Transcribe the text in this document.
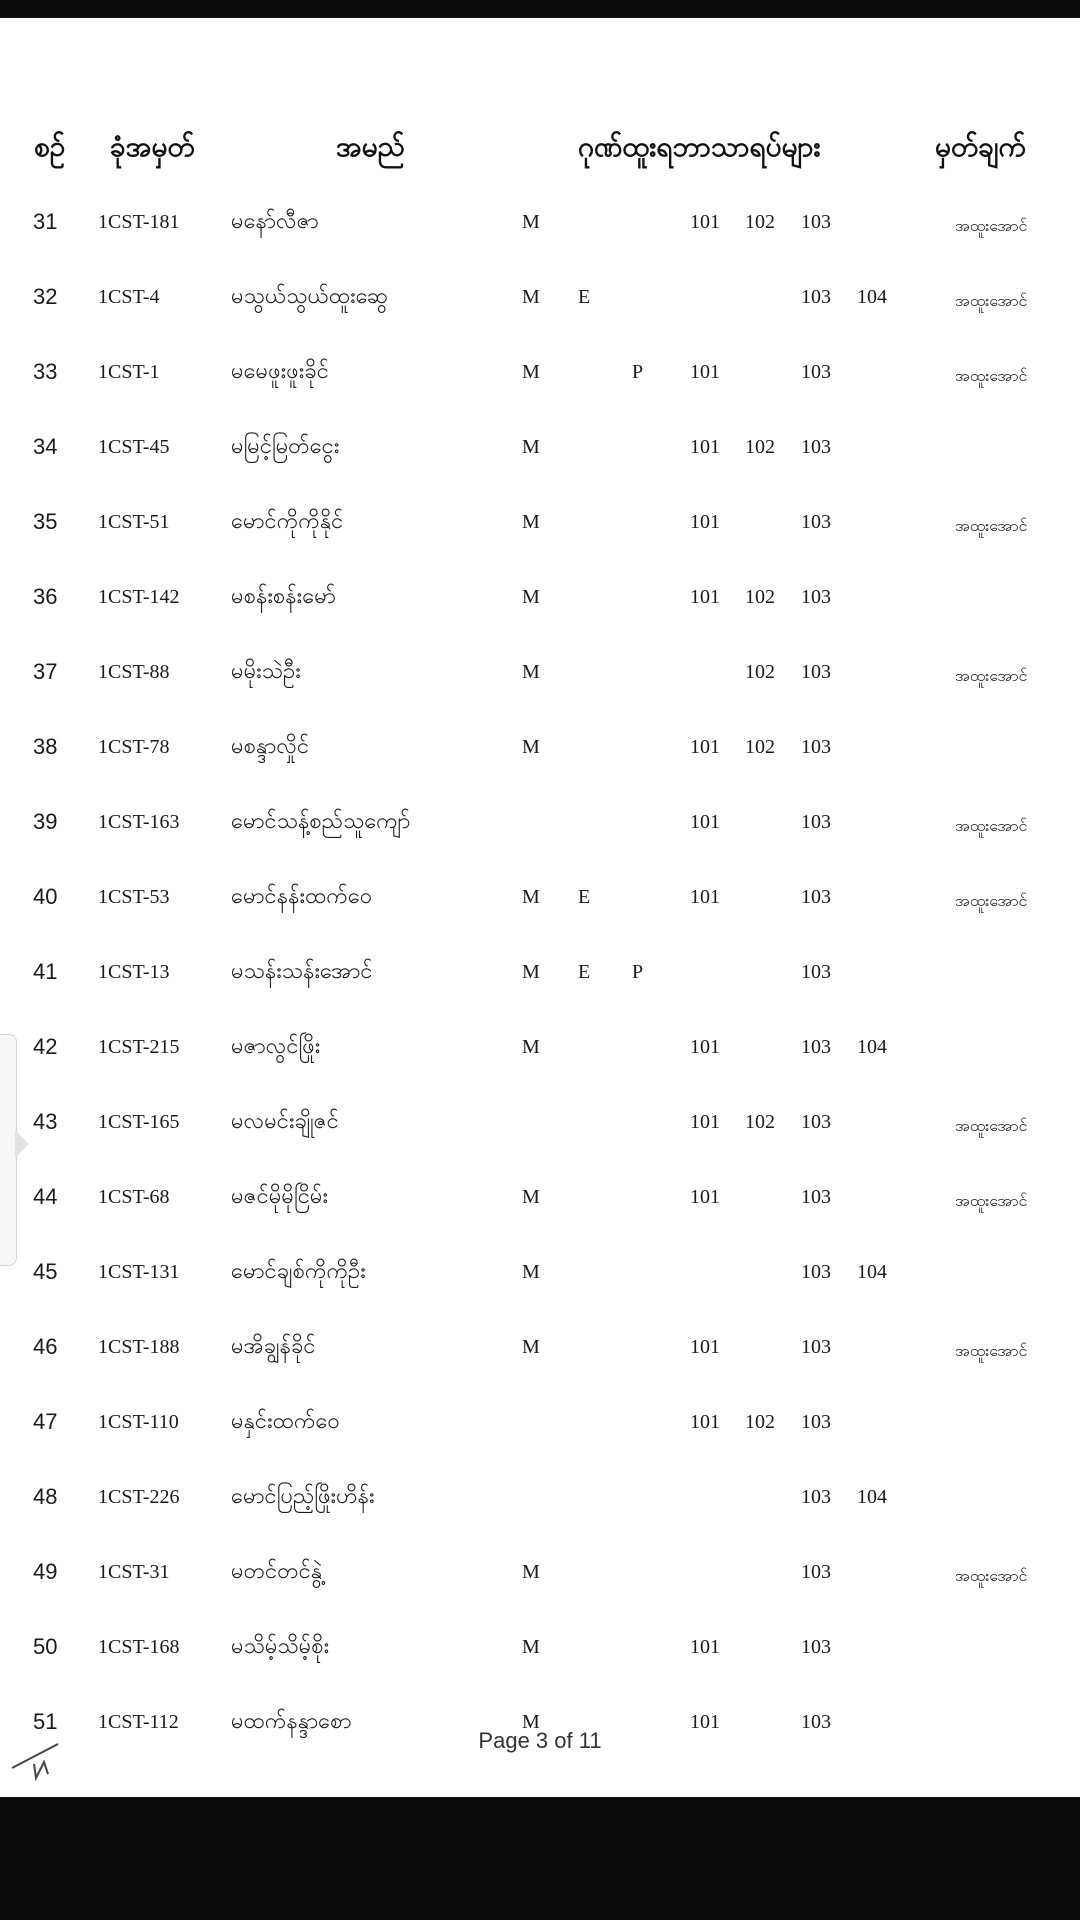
စဉ် ခုံအမှတ်	အမည်	ဂုဏ်ထူးရဘာသာရပ်များ	မှတ်ချက်
31 1CST-181 မနော်လီဇာ	M	101 102 103	အထူးအောင်
32 1CST-4	မသွယ်သွယ်ထူးဆွေ	M E	103 104	အထူးအောင်
33 1CST-1	မမေဖူးဖူးခိုင်	M	P 101	103	အထူးအောင်
34 1CST-45	မမြင့်မြတ်ငွေး	M	101 102 103
35 1CST-51	မောင်ကိုကိုနိုင်	M	101	103	အထူးအောင်
36 1CST-142 မစန်းစန်းမော်	M	101 102 103
37 1CST-88	မမိုးသဲဦး	M	102 103	အထူးအောင်
38 1CST-78	မစန္ဒာလှိုင်	M	101 102 103
39 1CST-163 မောင်သန့်စည်သူကျော်	101	103	အထူးအောင်
40 1CST-53	မောင်နန်းထက်ဝေ	M E	101	103	အထူးအောင်
41 1CST-13	မသန်းသန်းအောင်	M E P	103
42 1CST-215 မဇာလွင်ဖြိုး	M	101	103 104
43 1CST-165 မလမင်းချိုဇင်	101 102 103	အထူးအောင်
44 1CST-68	မဇင်မိုမိုငြိမ်း	M	101	103	အထူးအောင်
45 1CST-131 မောင်ချစ်ကိုကိုဦး	M	103 104
46 1CST-188 မအိချွန်ခိုင်	M	101	103	အထူးအောင်
47 1CST-110 မနှင်းထက်ဝေ	101 102 103
48 1CST-226 မောင်ပြည့်ဖြိုးဟိန်း	103 104
49 1CST-31	မတင်တင်နွဲ့	M	103	အထူးအောင်
50 1CST-168 မသိမ့်သိမ့်စိုး	M	101	103
51 1CST-112 မထက်နန္ဒာစော	M	101	103
Page 3 of 11
